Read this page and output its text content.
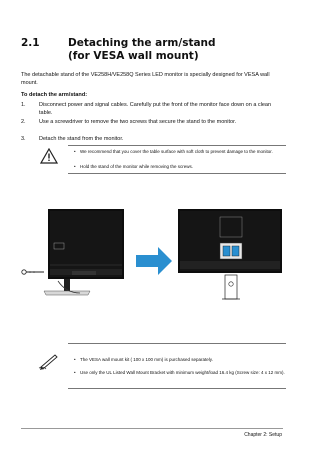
2.1	Detaching the arm/stand
(for VESA wall mount)
The detachable stand of the VE258H/VE258Q Series LED monitor is specially designed for VESA wall mount.
To detach the arm/stand:
1. Disconnect power and signal cables. Carefully put the front of the monitor face down on a clean table.
2. Use a screwdriver to remove the two screws that secure the stand to the monitor.
3. Detach the stand from the monitor.
• We recommend that you cover the table surface with soft cloth to prevent damage to the monitor.
• Hold the stand of the monitor while removing the screws.
• The VESA wall mount kit ( 100 x 100 mm) is purchased separately.
• Use only the UL Listed Wall Mount Bracket with minimum weight/load 16.4 kg (Screw size: 4 x 12 mm).
Chapter 2: Setup
